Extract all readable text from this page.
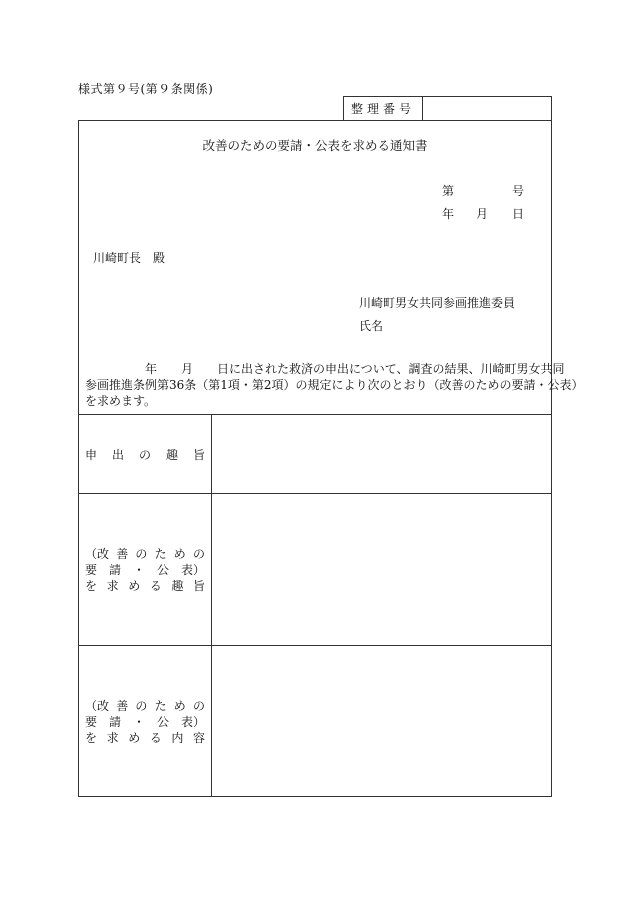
様式第９号(第９条関係)
整理番号
改善のための要請・公表を求める通知書
第	号
年 月 日
川崎町長　殿
川崎町男女共同参画推進委員
氏名

　　　　　年　　月　　日に出された救済の申出について、調査の結果、川崎町男女共同

参画推進条例第36条（第1項・第2項）の規定により次のとおり（改善のための要請・公表）

を求めます。

申 出 の 趣 旨
（改 善 の た め の
要 請 ・ 公 表）
を 求 め る 趣 旨
（改 善 の た め の
要 請 ・ 公 表）
を 求 め る 内 容
